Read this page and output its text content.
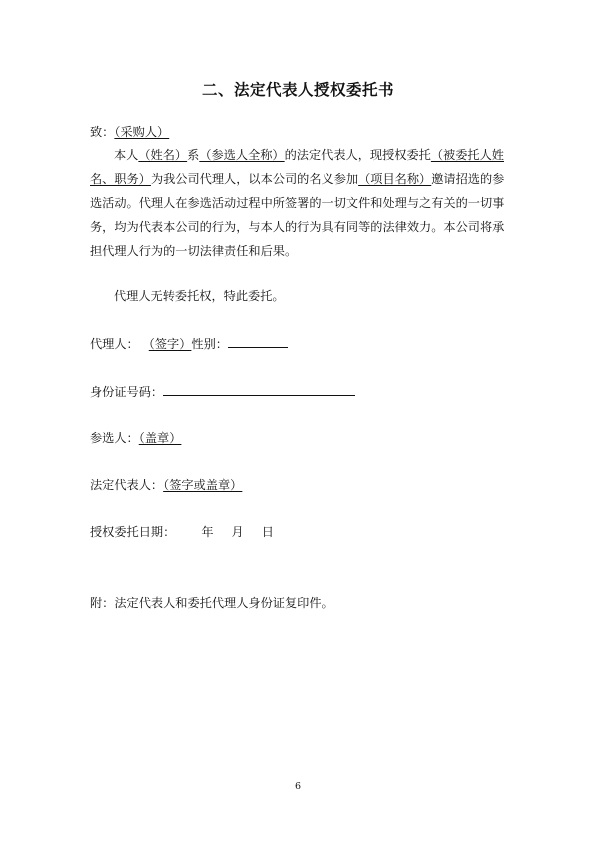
二、法定代表人授权委托书
致：（采购人）
本人（姓名）系（参选人全称）的法定代表人，现授权委托（被委托人姓名、职务）为我公司代理人，以本公司的名义参加（项目名称）邀请招选的参选活动。代理人在参选活动过程中所签署的一切文件和处理与之有关的一切事务，均为代表本公司的行为，与本人的行为具有同等的法律效力。本公司将承担代理人行为的一切法律责任和后果。
代理人无转委托权，特此委托。
代理人： （签字）性别：
身份证号码：
参选人：（盖章）
法定代表人：（签字或盖章）
授权委托日期： 年 月 日
附：法定代表人和委托代理人身份证复印件。
6
